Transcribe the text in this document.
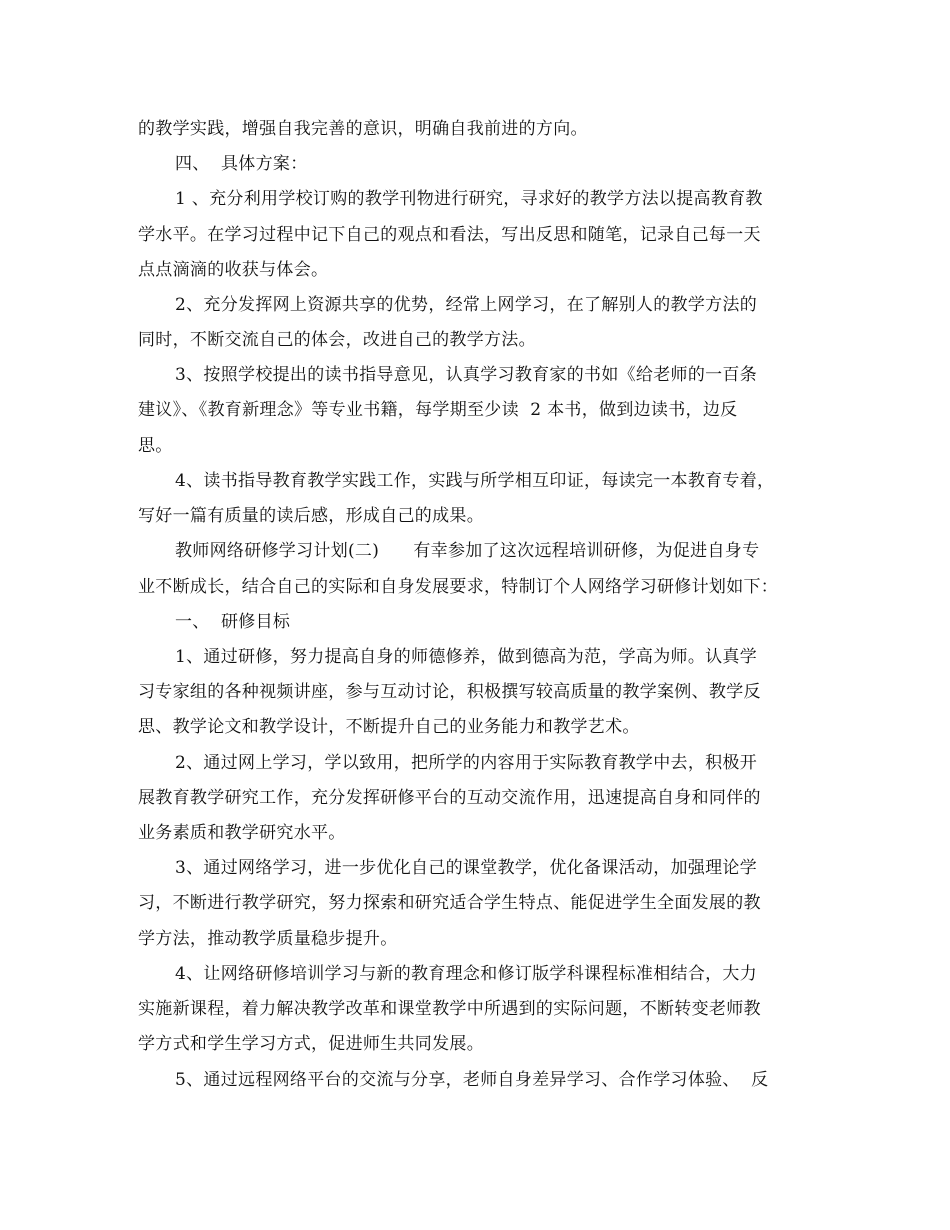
的教学实践，增强自我完善的意识，明确自我前进的方向。
四、  具体方案：
1 、充分利用学校订购的教学刊物进行研究，寻求好的教学方法以提高教育教
学水平。在学习过程中记下自己的观点和看法，写出反思和随笔，记录自己每一天
点点滴滴的收获与体会。
2、充分发挥网上资源共享的优势，经常上网学习，在了解别人的教学方法的
同时，不断交流自己的体会，改进自己的教学方法。
3、按照学校提出的读书指导意见，认真学习教育家的书如《给老师的一百条
建议》、《教育新理念》等专业书籍，每学期至少读  2 本书，做到边读书，边反
思。
4、读书指导教育教学实践工作，实践与所学相互印证，每读完一本教育专着，
写好一篇有质量的读后感，形成自己的成果。
教师网络研修学习计划(二)      有幸参加了这次远程培训研修，为促进自身专
业不断成长，结合自己的实际和自身发展要求，特制订个人网络学习研修计划如下：
一、  研修目标
1、通过研修，努力提高自身的师德修养，做到德高为范，学高为师。认真学
习专家组的各种视频讲座，参与互动讨论，积极撰写较高质量的教学案例、教学反
思、教学论文和教学设计，不断提升自己的业务能力和教学艺术。
2、通过网上学习，学以致用，把所学的内容用于实际教育教学中去，积极开
展教育教学研究工作，充分发挥研修平台的互动交流作用，迅速提高自身和同伴的
业务素质和教学研究水平。
3、通过网络学习，进一步优化自己的课堂教学，优化备课活动，加强理论学
习，不断进行教学研究，努力探索和研究适合学生特点、能促进学生全面发展的教
学方法，推动教学质量稳步提升。
4、让网络研修培训学习与新的教育理念和修订版学科课程标准相结合，大力
实施新课程，着力解决教学改革和课堂教学中所遇到的实际问题，不断转变老师教
学方式和学生学习方式，促进师生共同发展。
5、通过远程网络平台的交流与分享，老师自身差异学习、合作学习体验、  反
